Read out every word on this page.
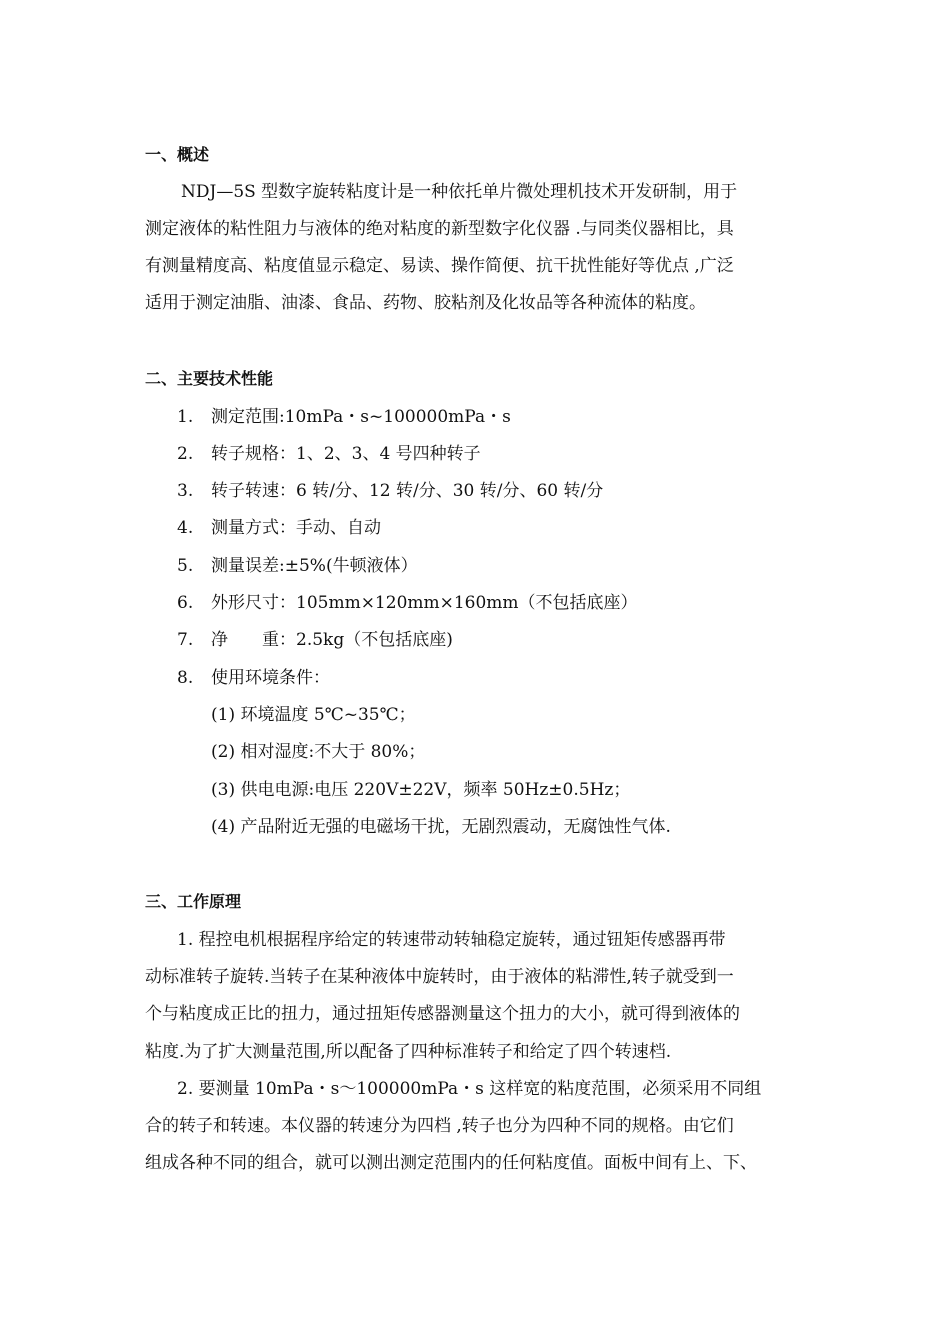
一、概述
NDJ—5S 型数字旋转粘度计是一种依托单片微处理机技术开发研制，用于
测定液体的粘性阻力与液体的绝对粘度的新型数字化仪器 .与同类仪器相比，具
有测量精度高、粘度值显示稳定、易读、操作简便、抗干扰性能好等优点 ,广泛
适用于测定油脂、油漆、食品、药物、胶粘剂及化妆品等各种流体的粘度。
二、主要技术性能
1. 测定范围:10mPa・s~100000mPa・s
2. 转子规格：1、2、3、4 号四种转子
3. 转子转速：6 转/分、12 转/分、30 转/分、60 转/分
4. 测量方式：手动、自动
5. 测量误差:±5%(牛顿液体）
6. 外形尺寸：105mm×120mm×160mm（不包括底座）
7. 净　　重：2.5kg（不包括底座)
8. 使用环境条件：
(1) 环境温度 5℃~35℃；
(2) 相对湿度:不大于 80%；
(3) 供电电源:电压 220V±22V，频率 50Hz±0.5Hz；
(4) 产品附近无强的电磁场干扰，无剧烈震动，无腐蚀性气体.
三、工作原理
1. 程控电机根据程序给定的转速带动转轴稳定旋转，通过钮矩传感器再带
动标准转子旋转.当转子在某种液体中旋转时，由于液体的粘滞性,转子就受到一
个与粘度成正比的扭力，通过扭矩传感器测量这个扭力的大小，就可得到液体的
粘度.为了扩大测量范围,所以配备了四种标准转子和给定了四个转速档.
2. 要测量 10mPa・s～100000mPa・s 这样宽的粘度范围，必须采用不同组
合的转子和转速。本仪器的转速分为四档 ,转子也分为四种不同的规格。由它们
组成各种不同的组合，就可以测出测定范围内的任何粘度值。面板中间有上、下、
